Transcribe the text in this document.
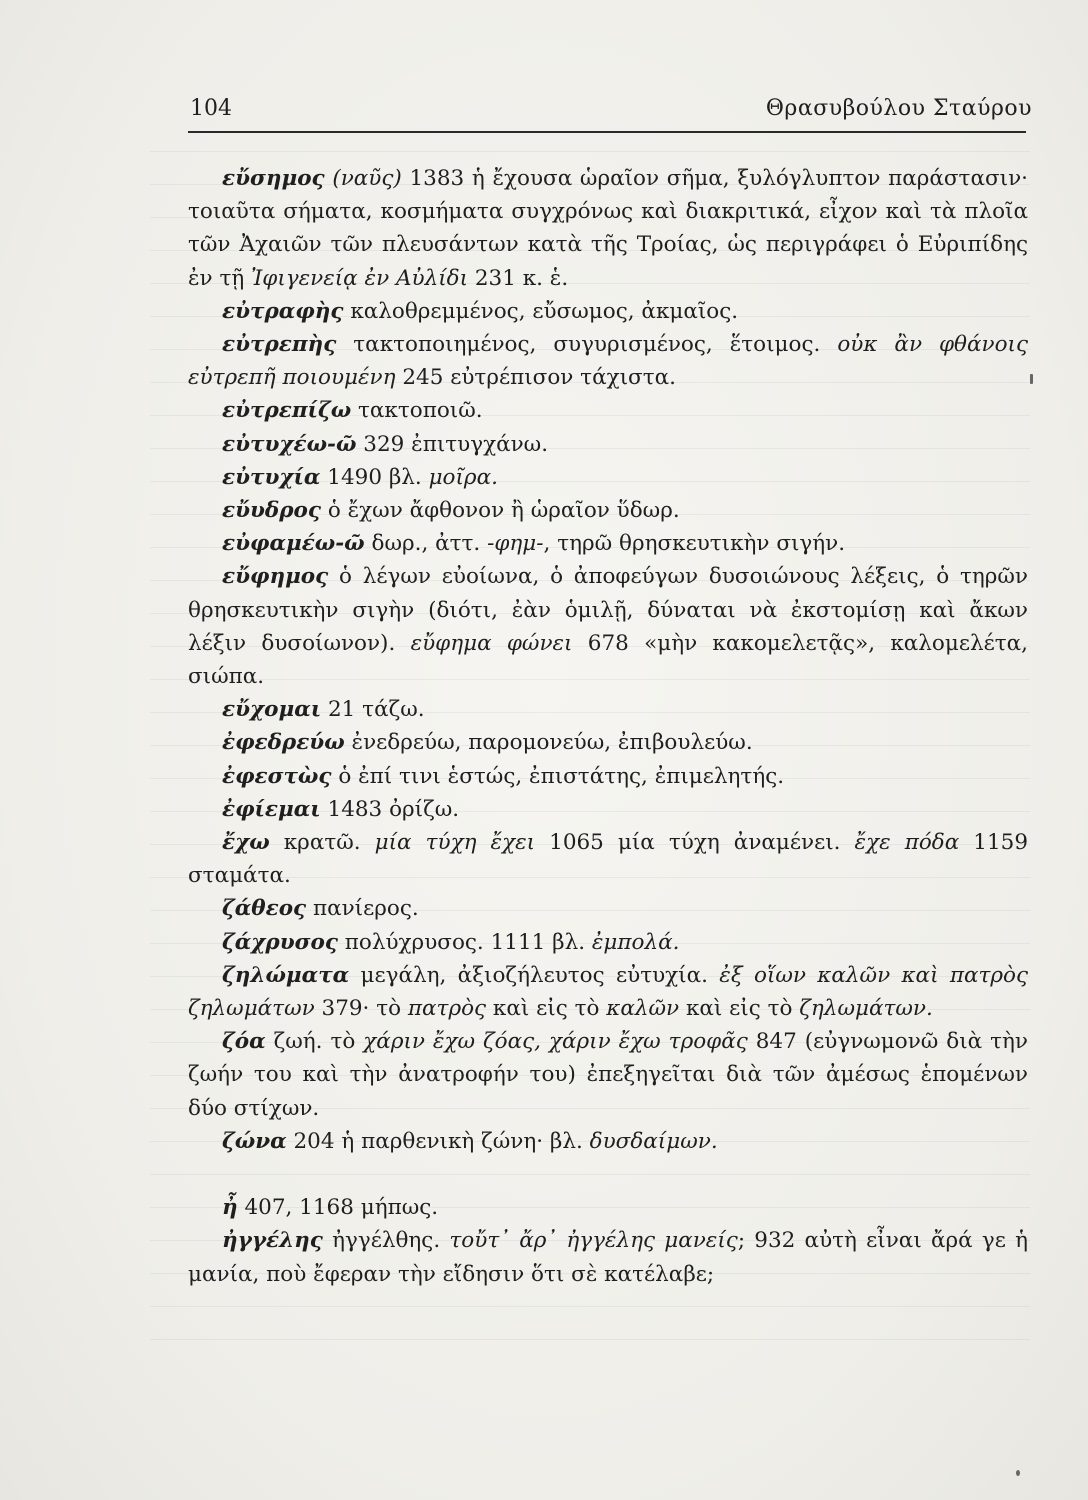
104	Θρασυβούλου Σταύρου

εὔσημος (ναῦς) 1383 ἡ ἔχουσα ὡραῖον σῆμα, ξυλόγλυπτον παράστασιν· τοιαῦτα σήματα, κοσμήματα συγχρόνως καὶ διακριτικά, εἶχον καὶ τὰ πλοῖα τῶν Ἀχαιῶν τῶν πλευσάντων κατὰ τῆς Τροίας, ὡς περιγράφει ὁ Εὐριπίδης ἐν τῇ Ἰφιγενείᾳ ἐν Αὐλίδι 231 κ. ἑ.

εὐτραφὴς καλοθρεμμένος, εὔσωμος, ἀκμαῖος.

εὐτρεπὴς τακτοποιημένος, συγυρισμένος, ἕτοιμος. οὐκ ἂν φθάνοις εὐτρεπῆ ποιουμένη 245 εὐτρέπισον τάχιστα.

εὐτρεπίζω τακτοποιῶ.

εὐτυχέω-ῶ 329 ἐπιτυγχάνω.

εὐτυχία 1490 βλ. μοῖρα.

εὔυδρος ὁ ἔχων ἄφθονον ἢ ὡραῖον ὕδωρ.

εὐφαμέω-ῶ δωρ., ἀττ. -φημ-, τηρῶ θρησκευτικὴν σιγήν.

εὔφημος ὁ λέγων εὐοίωνα, ὁ ἀποφεύγων δυσοιώνους λέξεις, ὁ τηρῶν θρησκευτικὴν σιγὴν (διότι, ἐὰν ὁμιλῇ, δύναται νὰ ἐκστομίσῃ καὶ ἄκων λέξιν δυσοίωνον). εὔφημα φώνει 678 «μὴν κακομελετᾷς», καλομελέτα, σιώπα.

εὔχομαι 21 τάζω.

ἐφεδρεύω ἐνεδρεύω, παρομονεύω, ἐπιβουλεύω.

ἐφεστὼς ὁ ἐπί τινι ἑστώς, ἐπιστάτης, ἐπιμελητής.

ἐφίεμαι 1483 ὀρίζω.

ἔχω κρατῶ. μία τύχη ἔχει 1065 μία τύχη ἀναμένει. ἔχε πόδα 1159 σταμάτα.

ζάθεος πανίερος.

ζάχρυσος πολύχρυσος. 1111 βλ. ἐμπολά.

ζηλώματα μεγάλη, ἀξιοζήλευτος εὐτυχία. ἐξ οἵων καλῶν καὶ πατρὸς ζηλωμάτων 379· τὸ πατρὸς καὶ εἰς τὸ καλῶν καὶ εἰς τὸ ζηλωμάτων.

ζόα ζωή. τὸ χάριν ἔχω ζόας, χάριν ἔχω τροφᾶς 847 (εὐγνωμονῶ διὰ τὴν ζωήν του καὶ τὴν ἀνατροφήν του) ἐπεξηγεῖται διὰ τῶν ἀμέσως ἑπομένων δύο στίχων.

ζώνα 204 ἡ παρθενικὴ ζώνη· βλ. δυσδαίμων.

ἦ 407, 1168 μήπως.

ἠγγέλης ἠγγέλθης. τοὔτ᾽ ἄρ᾽ ἠγγέλης μανείς; 932 αὐτὴ εἶναι ἄρά γε ἡ μανία, ποὺ ἔφεραν τὴν εἴδησιν ὅτι σὲ κατέλαβε;
